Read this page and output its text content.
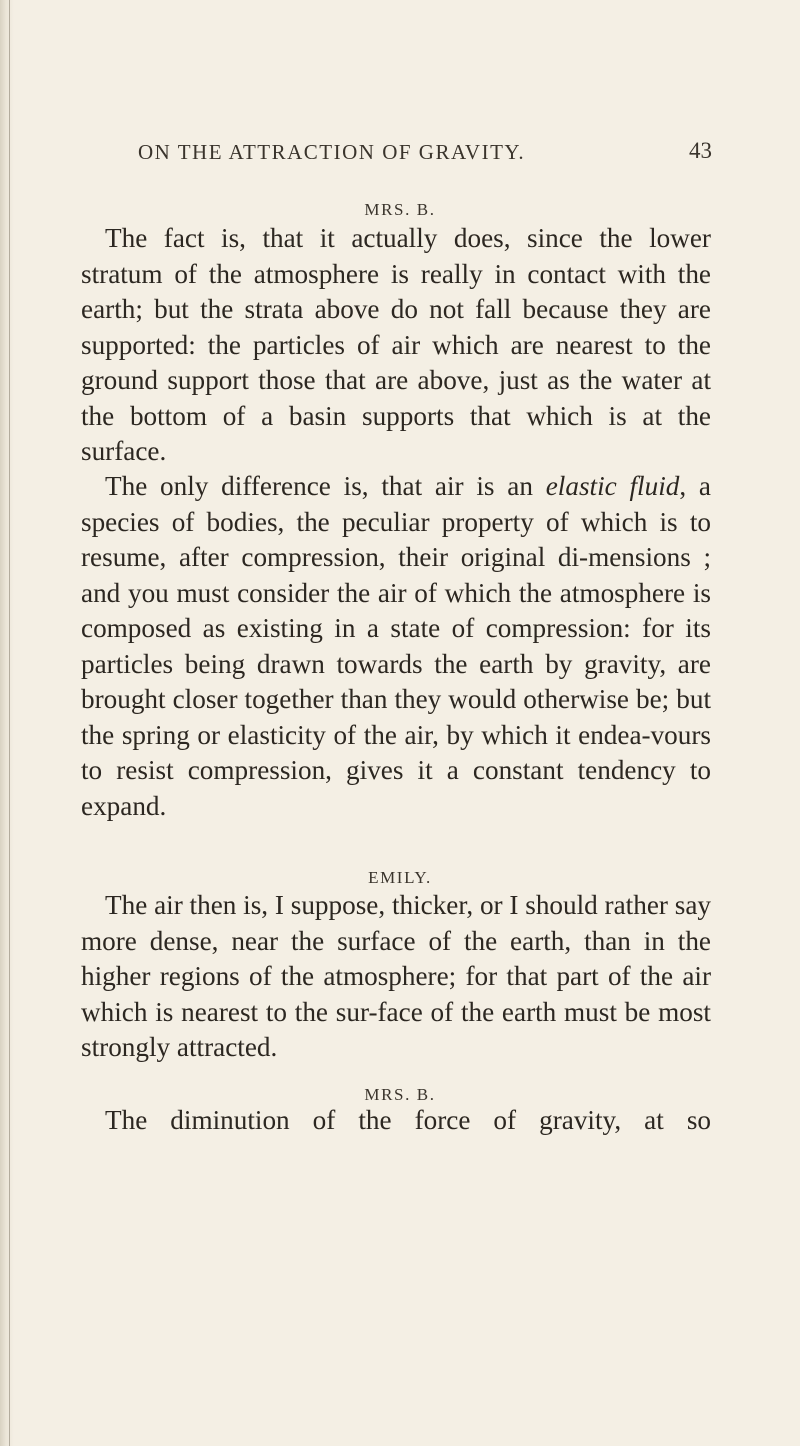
ON THE ATTRACTION OF GRAVITY.	43
MRS. B.

The fact is, that it actually does, since the lower stratum of the atmosphere is really in contact with the earth; but the strata above do not fall because they are supported: the particles of air which are nearest to the ground support those that are above, just as the water at the bottom of a basin supports that which is at the surface.

The only difference is, that air is an elastic fluid, a species of bodies, the peculiar property of which is to resume, after compression, their original di-mensions ; and you must consider the air of which the atmosphere is composed as existing in a state of compression: for its particles being drawn towards the earth by gravity, are brought closer together than they would otherwise be; but the spring or elasticity of the air, by which it endea-vours to resist compression, gives it a constant tendency to expand.

EMILY.

The air then is, I suppose, thicker, or I should rather say more dense, near the surface of the earth, than in the higher regions of the atmosphere; for that part of the air which is nearest to the sur-face of the earth must be most strongly attracted.

MRS. B.
The diminution of the force of gravity, at so
